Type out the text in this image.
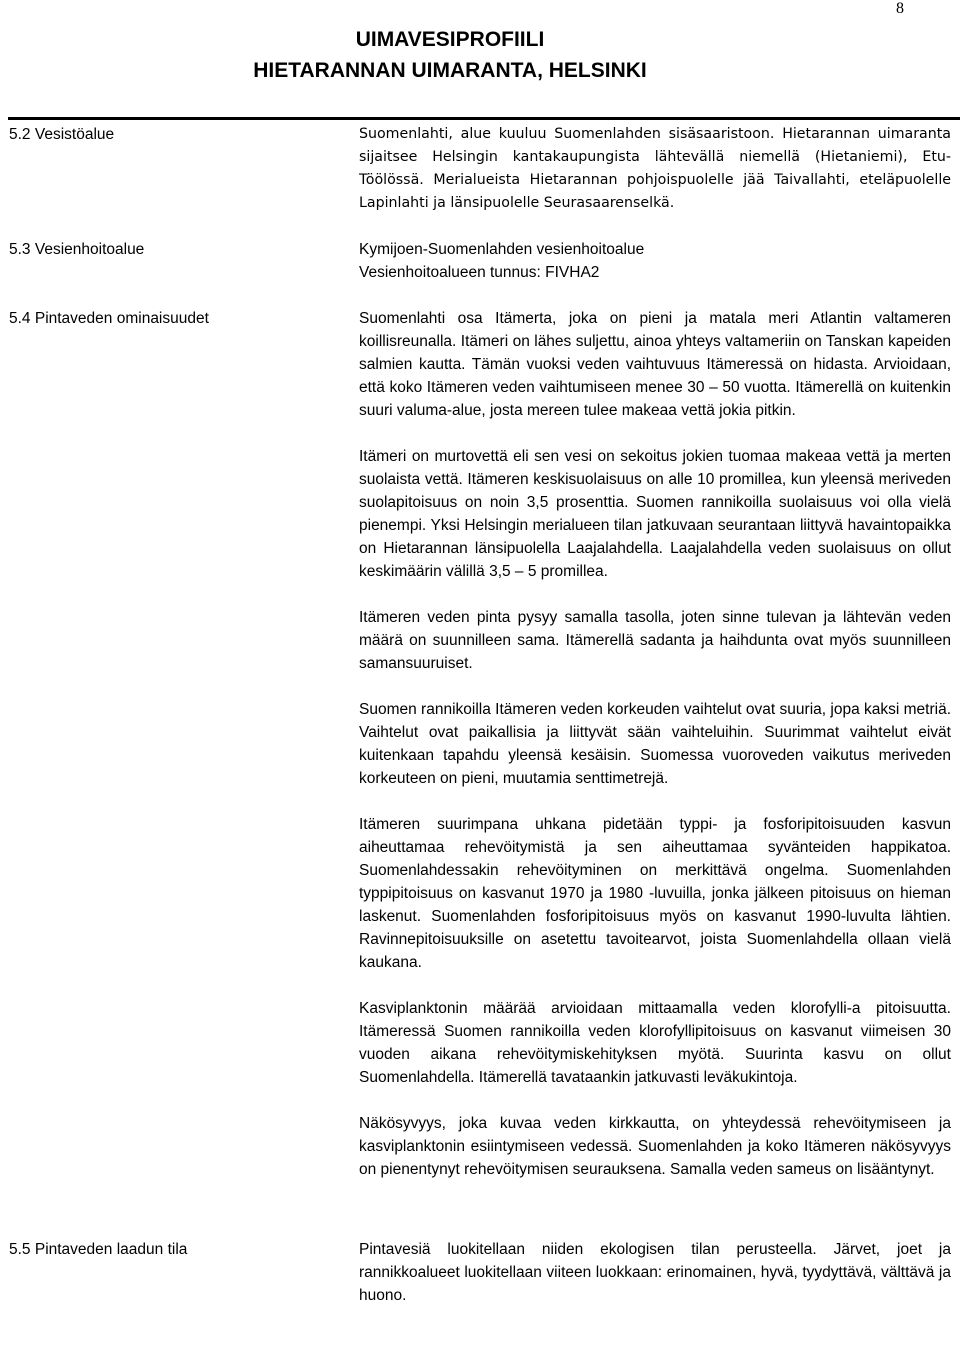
8
UIMAVESIPROFIILI
HIETARANNAN UIMARANTA, HELSINKI
5.2 Vesistöalue	Suomenlahti, alue kuuluu Suomenlahden sisäsaaristoon. Hietarannan uimaranta sijaitsee Helsingin kantakaupungista lähtevällä niemellä (Hietaniemi), Etu-Töölössä. Merialueista Hietarannan pohjoispuolelle jää Taivallahti, eteläpuolelle Lapinlahti ja länsipuolelle Seurasaarenselkä.

5.3 Vesienhoitoalue	Kymijoen-Suomenlahden vesienhoitoalue

Vesienhoitoalueen tunnus: FIVHA2

5.4 Pintaveden ominaisuudet	Suomenlahti osa Itämerta, joka on pieni ja matala meri Atlantin valtameren koillisreunalla. Itämeri on lähes suljettu, ainoa yhteys valtameriin on Tanskan kapeiden salmien kautta. Tämän vuoksi veden vaihtuvuus Itämeressä on hidasta. Arvioidaan, että koko Itämeren veden vaihtumiseen menee 30 – 50 vuotta. Itämerellä on kuitenkin suuri valuma-alue, josta mereen tulee makeaa vettä jokia pitkin.

Itämeri on murtovettä eli sen vesi on sekoitus jokien tuomaa makeaa vettä ja merten suolaista vettä. Itämeren keskisuolaisuus on alle 10 promillea, kun yleensä meriveden suolapitoisuus on noin 3,5 prosenttia. Suomen rannikoilla suolaisuus voi olla vielä pienempi. Yksi Helsingin merialueen tilan jatkuvaan seurantaan liittyvä havaintopaikka on Hietarannan länsipuolella Laajalahdella. Laajalahdella veden suolaisuus on ollut keskimäärin välillä 3,5 – 5 promillea.

Itämeren veden pinta pysyy samalla tasolla, joten sinne tulevan ja lähtevän veden määrä on suunnilleen sama. Itämerellä sadanta ja haihdunta ovat myös suunnilleen samansuuruiset.

Suomen rannikoilla Itämeren veden korkeuden vaihtelut ovat suuria, jopa kaksi metriä. Vaihtelut ovat paikallisia ja liittyvät sään vaihteluihin. Suurimmat vaihtelut eivät kuitenkaan tapahdu yleensä kesäisin. Suomessa vuoroveden vaikutus meriveden korkeuteen on pieni, muutamia senttimetrejä.

Itämeren suurimpana uhkana pidetään typpi- ja fosforipitoisuuden kasvun aiheuttamaa rehevöitymistä ja sen aiheuttamaa syvänteiden happikatoa. Suomenlahdessakin rehevöityminen on merkittävä ongelma. Suomenlahden typpipitoisuus on kasvanut 1970 ja 1980 -luvuilla, jonka jälkeen pitoisuus on hieman laskenut. Suomenlahden fosforipitoisuus myös on kasvanut 1990-luvulta lähtien. Ravinnepitoisuuksille on asetettu tavoitearvot, joista Suomenlahdella ollaan vielä kaukana.

Kasviplanktonin määrää arvioidaan mittaamalla veden klorofylli-a pitoisuutta. Itämeressä Suomen rannikoilla veden klorofyllipitoisuus on kasvanut viimeisen 30 vuoden aikana rehevöitymiskehityksen myötä. Suurinta kasvu on ollut Suomenlahdella. Itämerellä tavataankin jatkuvasti leväkukintoja.

Näkösyvyys, joka kuvaa veden kirkkautta, on yhteydessä rehevöitymiseen ja kasviplanktonin esiintymiseen vedessä. Suomenlahden ja koko Itämeren näkösyvyys on pienentynyt rehevöitymisen seurauksena. Samalla veden sameus on lisääntynyt.

5.5 Pintaveden laadun tila	Pintavesiä luokitellaan niiden ekologisen tilan perusteella. Järvet, joet ja rannikkoalueet luokitellaan viiteen luokkaan: erinomainen, hyvä, tyydyttävä, välttävä ja huono.
